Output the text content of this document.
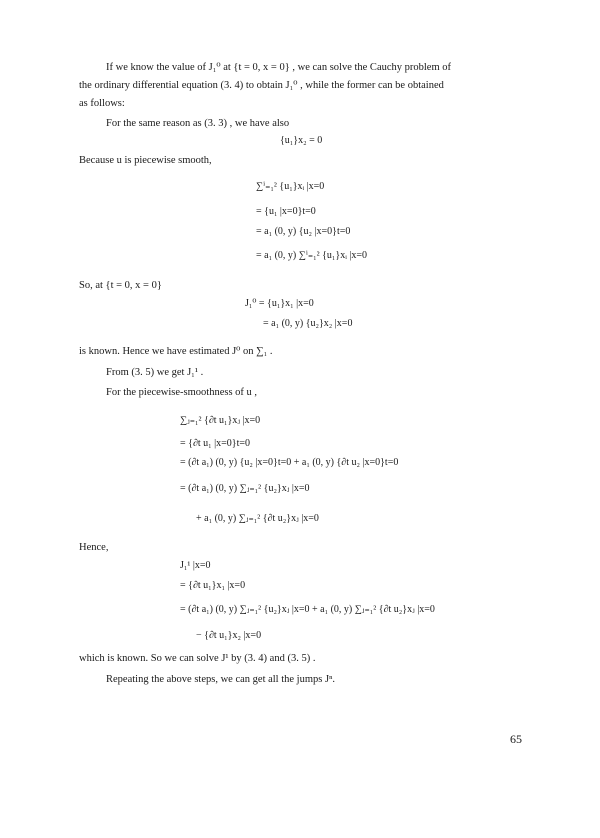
If we know the value of J₁⁰ at {t = 0, x = 0} , we can solve the Cauchy problem of
the ordinary differential equation (3. 4) to obtain J₁⁰ , while the former can be obtained
as follows:
For the same reason as (3. 3) , we have also
{u₁}x₂ = 0
Because u is piecewise smooth,
∑ⁱ₌₁² {u₁}xᵢ |x=0
= {u₁ |x=0}t=0
= a₁ (0, y) {u₂ |x=0}t=0
= a₁ (0, y) ∑ⁱ₌₁² {u₁}xᵢ |x=0
So, at {t = 0, x = 0}
J₁⁰ = {u₁}x₁ |x=0
= a₁ (0, y) {u₂}x₂ |x=0
is known. Hence we have estimated J⁰ on ∑₁ .
From (3. 5) we get J₁¹ .
For the piecewise-smoothness of u ,
∑ⱼ₌₁² {∂t u₁}xⱼ |x=0
= {∂t u₁ |x=0}t=0
= (∂t a₁) (0, y) {u₂ |x=0}t=0 + a₁ (0, y) {∂t u₂ |x=0}t=0
= (∂t a₁) (0, y) ∑ⱼ₌₁² {u₂}xⱼ |x=0
+ a₁ (0, y) ∑ⱼ₌₁² {∂t u₂}xⱼ |x=0
Hence,
J₁¹ |x=0
= {∂t u₁}x₁ |x=0
= (∂t a₁) (0, y) ∑ⱼ₌₁² {u₂}xⱼ |x=0 + a₁ (0, y) ∑ⱼ₌₁² {∂t u₂}xⱼ |x=0
− {∂t u₁}x₂ |x=0
which is known. So we can solve J¹ by (3. 4) and (3. 5) .
Repeating the above steps, we can get all the jumps Jⁿ.
65
